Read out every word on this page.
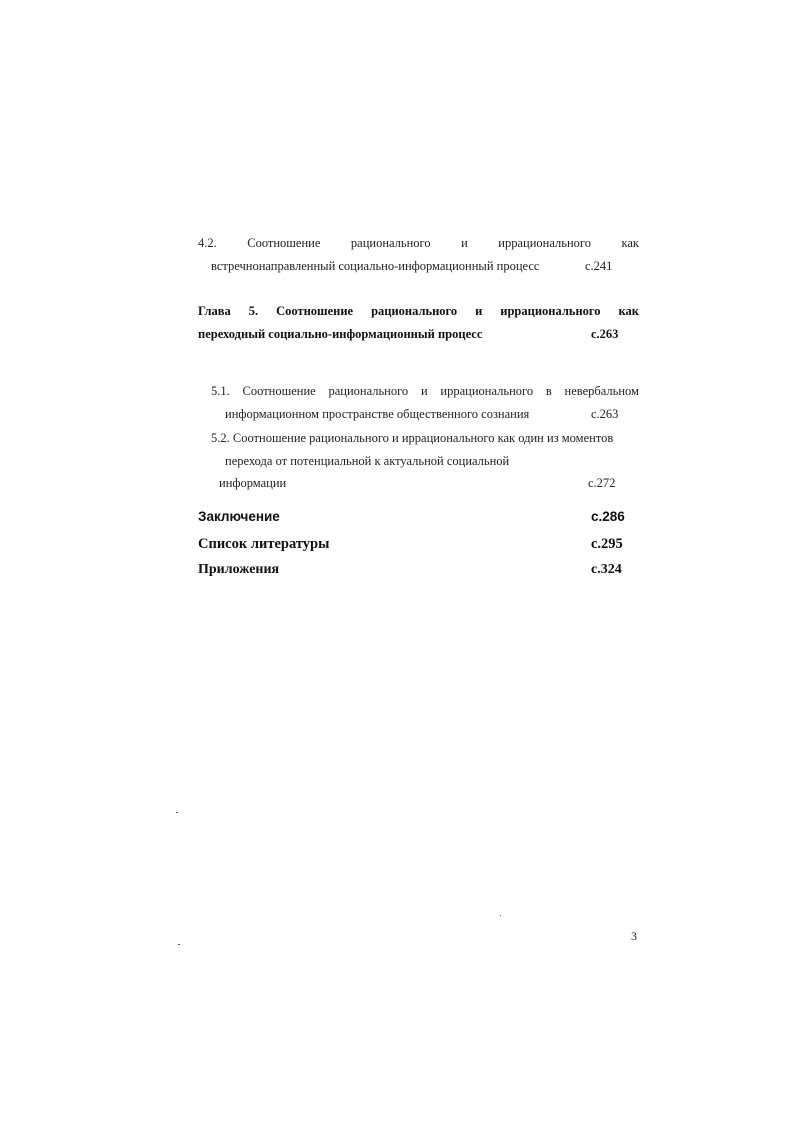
4.2. Соотношение рационального и иррационального как
встречнонаправленный социально-информационный процесс	с.241
Глава 5. Соотношение рационального и иррационального как
переходный социально-информационный процесс	с.263
5.1. Соотношение рационального и иррационального в невербальном
информационном пространстве общественного сознания	с.263
5.2. Соотношение рационального и иррационального как один из моментов
перехода от потенциальной к актуальной социальной
информации	с.272
Заключение	с.286
Список литературы	с.295
Приложения	с.324
3
